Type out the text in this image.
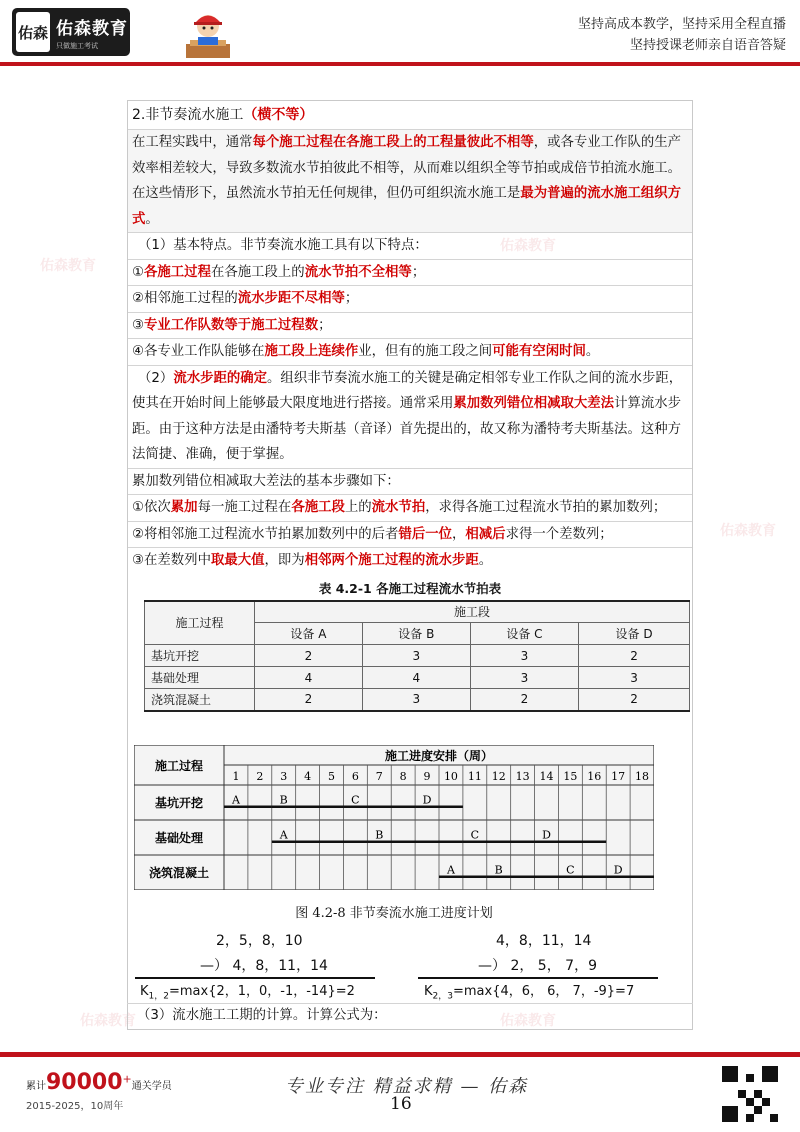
佑森 佑森教育
只做施工考试
坚持高成本教学，坚持采用全程直播
坚持授课老师亲自语音答疑
佑森教育
佑森教育
佑森教育
佑森教育	佑森教育
2.非节奏流水施工（横不等）
在工程实践中，通常每个施工过程在各施工段上的工程量彼此不相等，或各专业工作队的生产效率相差较大，导致多数流水节拍彼此不相等，从而难以组织全等节拍或成倍节拍流水施工。在这些情形下，虽然流水节拍无任何规律，但仍可组织流水施工是最为普遍的流水施工组织方式。
（1）基本特点。非节奏流水施工具有以下特点：
①各施工过程在各施工段上的流水节拍不全相等；
②相邻施工过程的流水步距不尽相等；
③专业工作队数等于施工过程数；
④各专业工作队能够在施工段上连续作业，但有的施工段之间可能有空闲时间。
（2）流水步距的确定。组织非节奏流水施工的关键是确定相邻专业工作队之间的流水步距，使其在开始时间上能够最大限度地进行搭接。通常采用累加数列错位相减取大差法计算流水步距。由于这种方法是由潘特考夫斯基（音译）首先提出的，故又称为潘特考夫斯基法。这种方法简捷、准确，便于掌握。
累加数列错位相减取大差法的基本步骤如下：
①依次累加每一施工过程在各施工段上的流水节拍，求得各施工过程流水节拍的累加数列；
②将相邻施工过程流水节拍累加数列中的后者错后一位，相减后求得一个差数列；
③在差数列中取最大值，即为相邻两个施工过程的流水步距。
表 4.2-1 各施工过程流水节拍表
施工过程	施工段			
	设备 A	设备 B	设备 C	设备 D
基坑开挖	2	3	3	2
基础处理	4	4	3	3
浇筑混凝土	2	3	2	2
施工过程
施工进度安排（周）
1 2 3 4 5 6 7 8 9 10 11 12 13 14 15 16 17 18
基坑开挖	A	B	C	D
基础处理	A	B	C	D
浇筑混凝土	A	B	C	D
图 4.2-8 非节奏流水施工进度计划
2，5，8，10
—） 4，8，11，14
$K_{1,2}=\max\{2$，1，0，-1，-14}=2
4，8，11，14
—） 2， 5， 7，9
$K_{2,3}=\max\{4$，6， 6， 7，-9}=7
（3）流水施工工期的计算。计算公式为：
累计90000+通关学员
2015-2025，10周年
专业专注 精益求精 — 佑森
16
